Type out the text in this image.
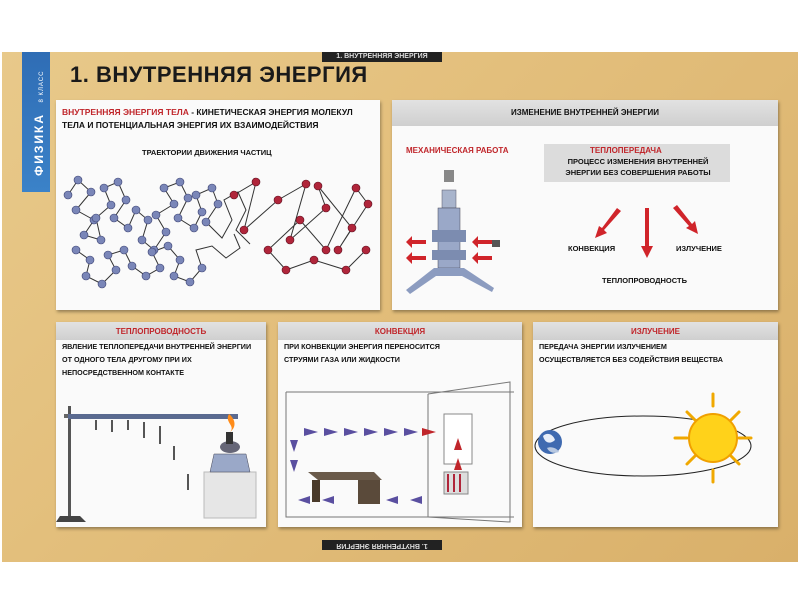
ФИЗИКА 8 КЛАСС
1. ВНУТРЕННЯЯ ЭНЕРГИЯ
1. ВНУТРЕННЯЯ ЭНЕРГИЯ
1. ВНУТРЕННЯЯ ЭНЕРГИЯ
ВНУТРЕННЯЯ ЭНЕРГИЯ ТЕЛА - КИНЕТИЧЕСКАЯ ЭНЕРГИЯ МОЛЕКУЛ
ТЕЛА И ПОТЕНЦИАЛЬНАЯ ЭНЕРГИЯ ИХ ВЗАИМОДЕЙСТВИЯ
ТРАЕКТОРИИ ДВИЖЕНИЯ ЧАСТИЦ
ИЗМЕНЕНИЕ ВНУТРЕННЕЙ ЭНЕРГИИ
МЕХАНИЧЕСКАЯ РАБОТА	ТЕПЛОПЕРЕДАЧА
ПРОЦЕСС ИЗМЕНЕНИЯ ВНУТРЕННЕЙ
ЭНЕРГИИ БЕЗ СОВЕРШЕНИЯ РАБОТЫ
КОНВЕКЦИЯ	ИЗЛУЧЕНИЕ
ТЕПЛОПРОВОДНОСТЬ
ТЕПЛОПРОВОДНОСТЬ
ЯВЛЕНИЕ ТЕПЛОПЕРЕДАЧИ ВНУТРЕННЕЙ ЭНЕРГИИ
ОТ ОДНОГО ТЕЛА ДРУГОМУ ПРИ ИХ
НЕПОСРЕДСТВЕННОМ КОНТАКТЕ
КОНВЕКЦИЯ
ПРИ КОНВЕКЦИИ ЭНЕРГИЯ ПЕРЕНОСИТСЯ
СТРУЯМИ ГАЗА ИЛИ ЖИДКОСТИ
ИЗЛУЧЕНИЕ
ПЕРЕДАЧА ЭНЕРГИИ ИЗЛУЧЕНИЕМ
ОСУЩЕСТВЛЯЕТСЯ БЕЗ СОДЕЙСТВИЯ ВЕЩЕСТВА
